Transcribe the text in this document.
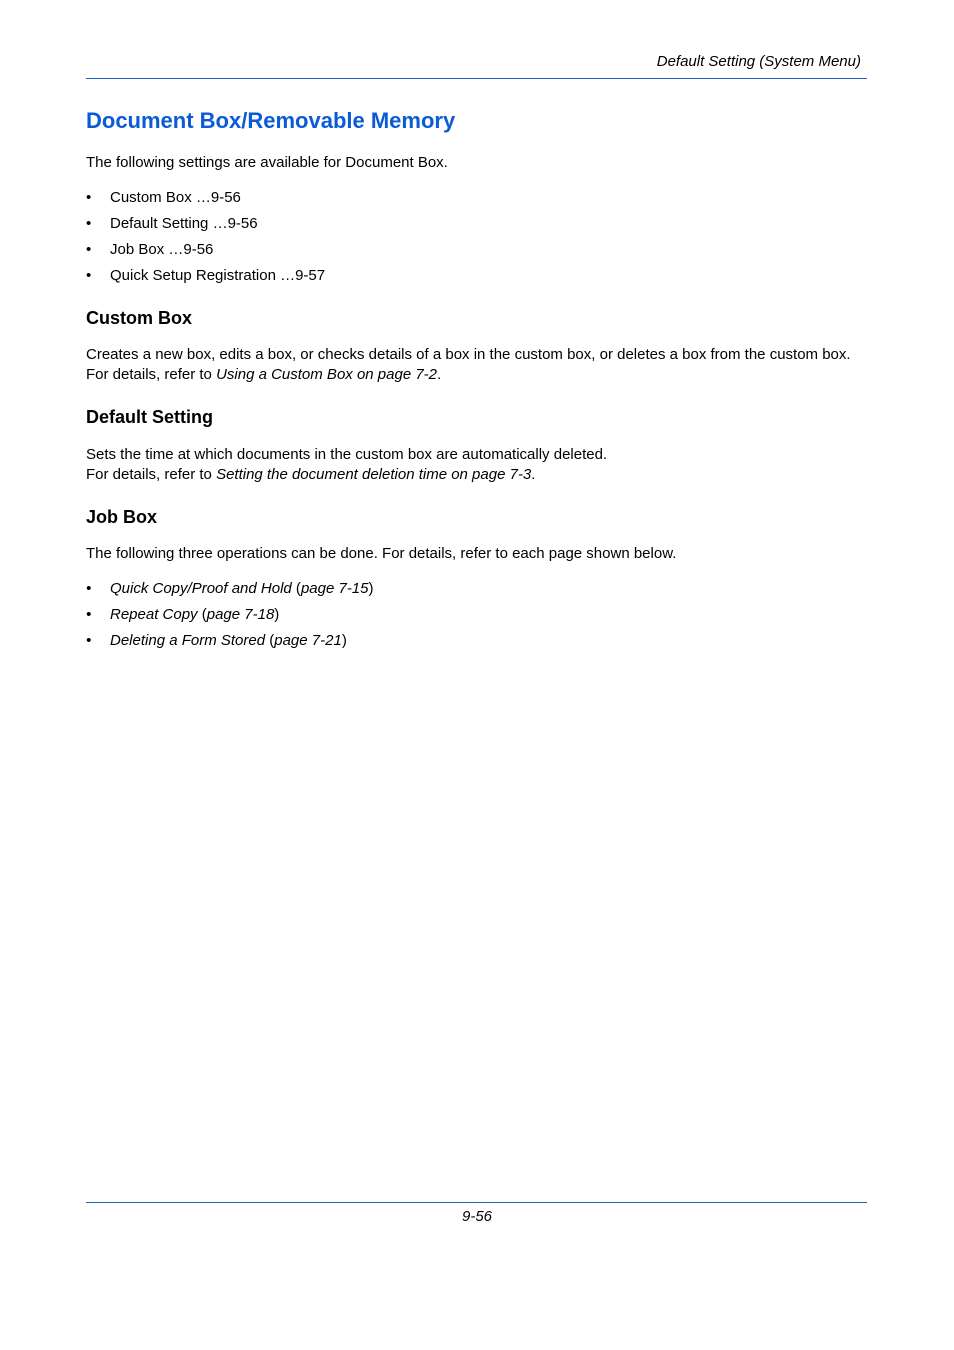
Default Setting (System Menu)
Document Box/Removable Memory

The following settings are available for Document Box.

• Custom Box …9-56
• Default Setting …9-56
• Job Box …9-56
• Quick Setup Registration …9-57
Custom Box

Creates a new box, edits a box, or checks details of a box in the custom box, or deletes a box from the custom box. For details, refer to Using a Custom Box on page 7-2.

Default Setting

Sets the time at which documents in the custom box are automatically deleted.
For details, refer to Setting the document deletion time on page 7-3.

Job Box

The following three operations can be done. For details, refer to each page shown below.

• Quick Copy/Proof and Hold (page 7-15)
• Repeat Copy (page 7-18)
• Deleting a Form Stored (page 7-21)
9-56
